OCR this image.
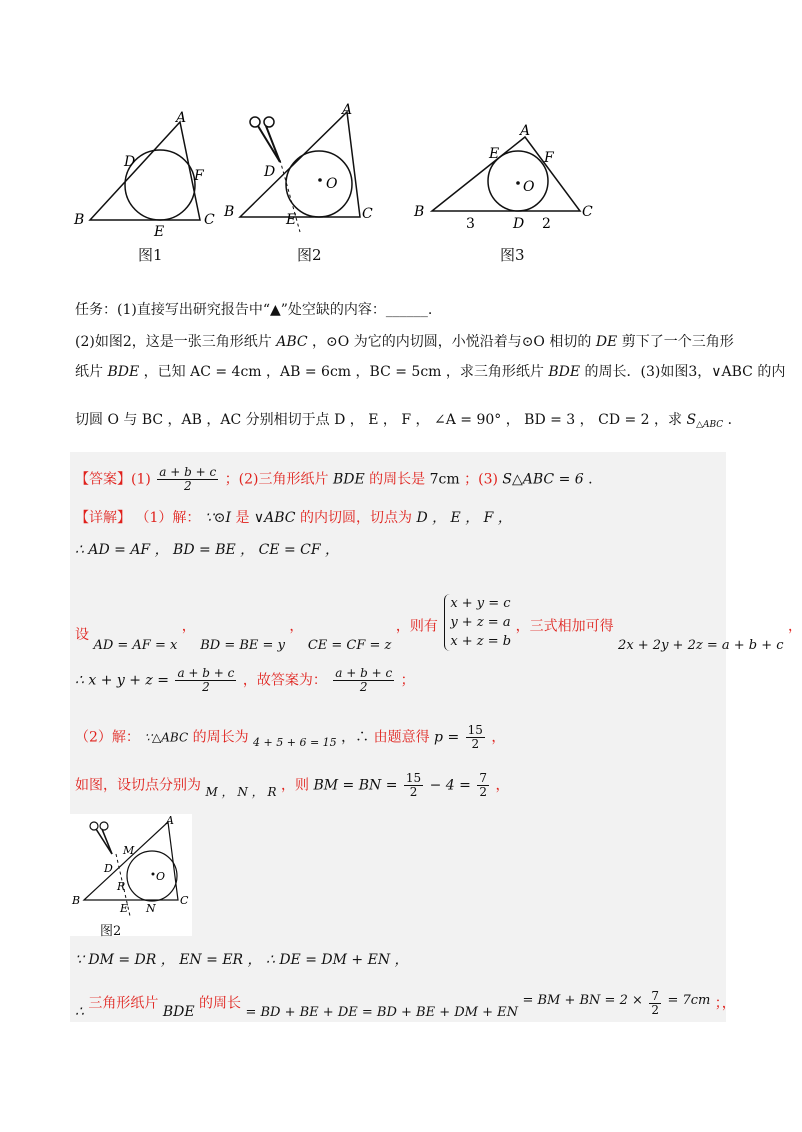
A
B	C
D
F
E
图1
A
B	C
D
E
O
图2
A
B	C
E	F
O
D
3	2
图3
任务：(1)直接写出研究报告中“▲”处空缺的内容：______.
(2)如图2，这是一张三角形纸片 ABC ，⊙O 为它的内切圆，小悦沿着与⊙O 相切的 DE 剪下了一个三角形
纸片 BDE ，已知 AC = 4cm ，AB = 6cm ，BC = 5cm ，求三角形纸片 BDE 的周长．(3)如图3，∨ABC 的内
切圆 O 与 BC ，AB ，AC 分别相切于点 D ， E ， F ， ∠A = 90° ， BD = 3 ， CD = 2 ，求 $S_{\triangle ABC}$ ．
【答案】$(1) \frac{a + b + c}{2}$ ；(2)三角形纸片 BDE 的周长是 7cm ；(3) S△ABC = 6 .
【详解】 （1）解： ∵⊙I 是 ∨ABC 的内切圆，切点为 D ， E ， F ，
∴ AD = AF ， BD = BE ， CE = CF ，
设 AD = AF = x ， BD = BE = y ， CE = CF = z ，则有
x + y = c
y + z = a
x + z = b
，三式相加可得 2x + 2y + 2z = a + b + c ，
∴ $x + y + z = \frac{a + b + c}{2}$ ，故答案为： $\frac{a + b + c}{2}$ ；
（2）解： ∵△ABC 的周长为 $_{4 + 5 + 6 = 15}$ ，∴ 由题意得 $p = \frac{15}{2}$ ，
如图，设切点分别为 M ， N ， R ，则 BM = BN = $\frac{15}{2} - 4 = \frac{7}{2}$ ，
A
B	C
M
D
R
O
E N
图2
∵ DM = DR ， EN = ER ， ∴ DE = DM + EN ，
∴ 三角形纸片 BDE 的周长 = BD + BE + DE = BD + BE + DM + EN = BM + BN = $2 \times \frac{7}{2} = 7cm$ ；，
